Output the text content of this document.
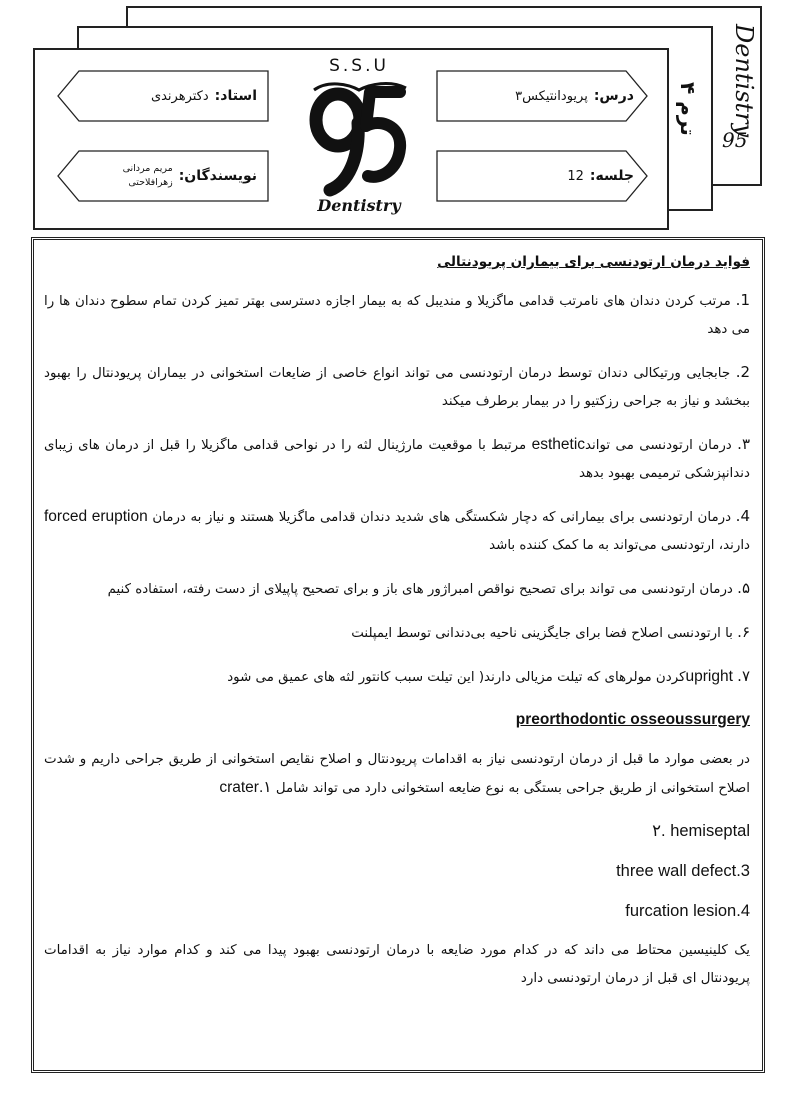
Dentistry
95
ترم ۴
درس:
پریودانتیکس۳
جلسه:
12
استاد:
دکترهرندی
نویسندگان:
مریم مردانی
زهرافلاحتی
S.S.U
Dentistry

فواید درمان ارتودنسی برای بیماران پریودنتالی

1. مرتب کردن دندان های نامرتب قدامی ماگزیلا و مندیبل که به بیمار اجازه دسترسی بهتر تمیز کردن تمام سطوح دندان ها را می دهد

2. جابجایی ورتیکالی دندان توسط درمان ارتودنسی می تواند انواع خاصی از ضایعات استخوانی در بیماران پریودنتال را بهبود ببخشد و نیاز به جراحی رزکتیو را در بیمار برطرف میکند

۳. درمان ارتودنسی می تواندesthetic مرتبط با موقعیت مارژینال لثه را در نواحی قدامی ماگزیلا را قبل از درمان های زیبای دندانپزشکی ترمیمی بهبود بدهد

4. درمان ارتودنسی برای بیمارانی که دچار شکستگی های شدید دندان قدامی ماگزیلا هستند و نیاز به درمان forced eruption دارند، ارتودنسی می‌تواند به ما کمک کننده باشد

۵. درمان ارتودنسی می تواند برای تصحیح نواقص امبراژور های باز و برای تصحیح پاپیلای از دست رفته، استفاده کنیم

۶. با ارتودنسی اصلاح فضا برای جایگزینی ناحیه بی‌دندانی توسط ایمپلنت

۷. uprightکردن مولرهای که تیلت مزیالی دارند( این تیلت سبب کانتور لثه های عمیق می شود

preorthodontic osseoussurgery

در بعضی موارد ما قبل از درمان ارتودنسی نیاز به اقدامات پریودنتال و اصلاح نقایص استخوانی از طریق جراحی داریم و شدت اصلاح استخوانی از طریق جراحی بستگی به نوع ضایعه استخوانی دارد می تواند شامل ۱.crater

۲. hemiseptal

three wall defect.3

furcation lesion.4

یک کلینیسین محتاط می داند که در کدام مورد ضایعه با درمان ارتودنسی بهبود پیدا می کند و کدام موارد نیاز به اقدامات پریودنتال ای قبل از درمان ارتودنسی دارد
